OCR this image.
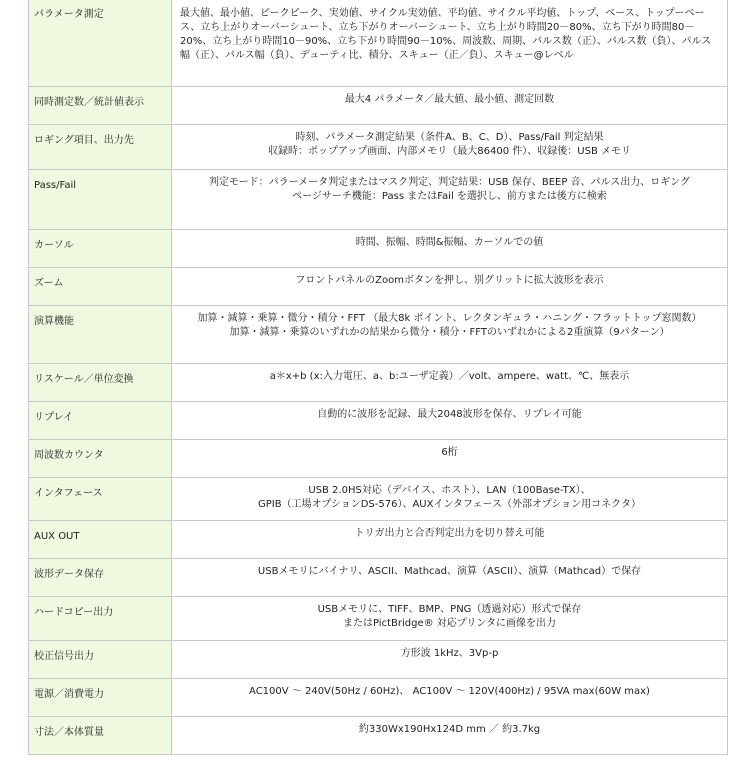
パラメータ測定	最大値、最小値、ピークピーク、実効値、サイクル実効値、平均値、サイクル平均値、トップ、ベース、トップーベース、立ち上がりオーバーシュート、立ち下がりオーバーシュート、立ち上がり時間20－80%、立ち下がり時間80－20%、立ち上がり時間10－90%、立ち下がり時間90－10%、周波数、周期、パルス数（正）、パルス数（負）、パルス幅（正）、パルス幅（負）、デューティ比、積分、スキュー（正／負）、スキュー@レベル

同時測定数／統計値表示	最大4 パラメータ／最大値、最小値、測定回数

ロギング項目、出力先	時刻、パラメータ測定結果（条件A、B、C、D）、Pass/Fail 判定結果
収録時：ポップアップ画面、内部メモリ（最大86400 件）、収録後：USB メモリ

Pass/Fail	判定モード：パラーメータ判定またはマスク判定、判定結果：USB 保存、BEEP 音、パルス出力、ロギング
ページサーチ機能：Pass またはFail を選択し、前方または後方に検索

カーソル	時間、振幅、時間&振幅、カーソルでの値

ズーム	フロントパネルのZoomボタンを押し、別グリットに拡大波形を表示

演算機能	加算・減算・乗算・微分・積分・FFT （最大8k ポイント、レクタンギュラ・ハニング・フラットトップ窓関数）
加算・減算・乗算のいずれかの結果から微分・積分・FFTのいずれかによる2重演算（9パターン）

リスケール／単位変換	a＊x+b (x:入力電圧、a、b:ユーザ定義）／volt、ampere、watt、℃、無表示

リプレイ	自動的に波形を記録、最大2048波形を保存、リプレイ可能

周波数カウンタ	6桁

インタフェース	USB 2.0HS対応（デバイス、ホスト）、LAN（100Base-TX）、
GPIB（工場オプションDS-576）、AUXインタフェース（外部オプション用コネクタ）

AUX OUT	トリガ出力と合否判定出力を切り替え可能

波形データ保存	USBメモリにバイナリ、ASCII、Mathcad、演算（ASCII）、演算（Mathcad）で保存

ハードコピー出力	USBメモリに、TIFF、BMP、PNG（透過対応）形式で保存
またはPictBridge® 対応プリンタに画像を出力

校正信号出力	方形波 1kHz、3Vp-p

電源／消費電力	AC100V ～ 240V(50Hz / 60Hz)、 AC100V ～ 120V(400Hz) / 95VA max(60W max)

寸法／本体質量	約330Wx190Hx124D mm ／ 約3.7kg
